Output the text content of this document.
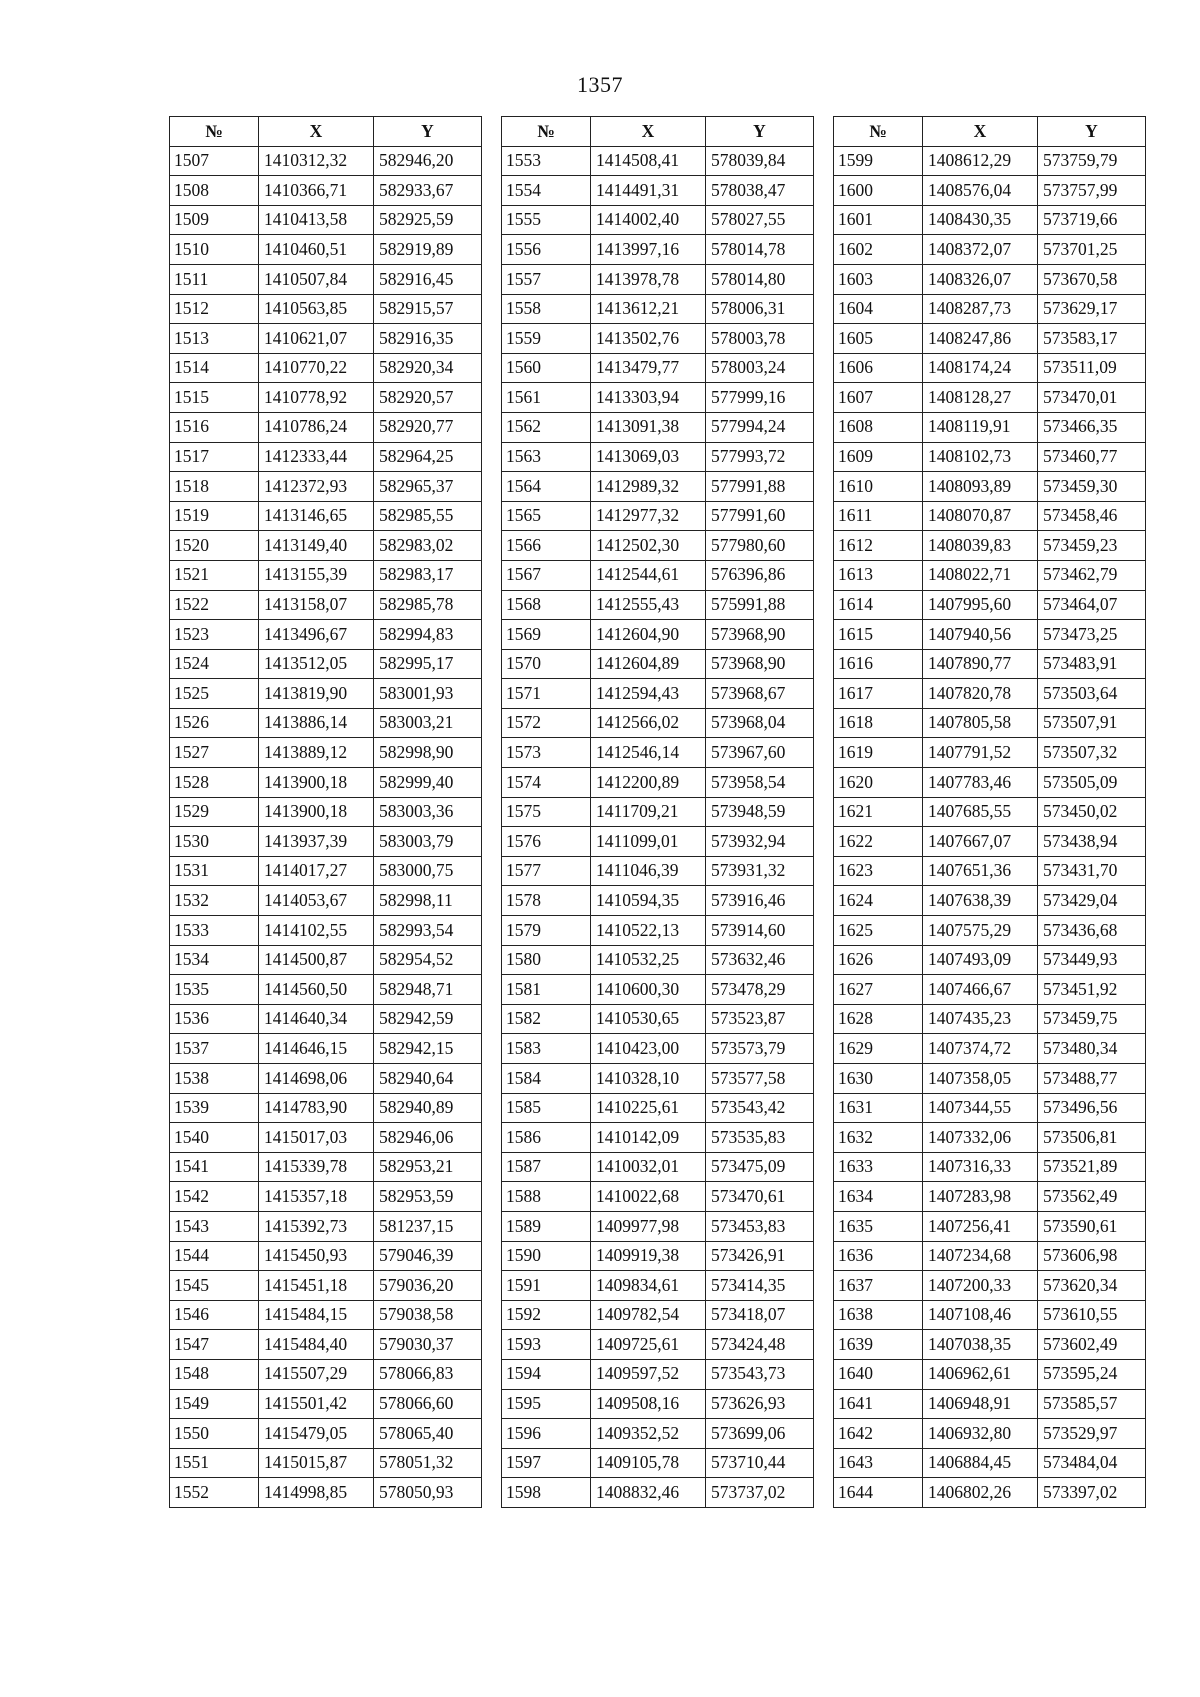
1357
№	X	Y
1507	1410312,32	582946,20
1508	1410366,71	582933,67
1509	1410413,58	582925,59
1510	1410460,51	582919,89
1511	1410507,84	582916,45
1512	1410563,85	582915,57
1513	1410621,07	582916,35
1514	1410770,22	582920,34
1515	1410778,92	582920,57
1516	1410786,24	582920,77
1517	1412333,44	582964,25
1518	1412372,93	582965,37
1519	1413146,65	582985,55
1520	1413149,40	582983,02
1521	1413155,39	582983,17
1522	1413158,07	582985,78
1523	1413496,67	582994,83
1524	1413512,05	582995,17
1525	1413819,90	583001,93
1526	1413886,14	583003,21
1527	1413889,12	582998,90
1528	1413900,18	582999,40
1529	1413900,18	583003,36
1530	1413937,39	583003,79
1531	1414017,27	583000,75
1532	1414053,67	582998,11
1533	1414102,55	582993,54
1534	1414500,87	582954,52
1535	1414560,50	582948,71
1536	1414640,34	582942,59
1537	1414646,15	582942,15
1538	1414698,06	582940,64
1539	1414783,90	582940,89
1540	1415017,03	582946,06
1541	1415339,78	582953,21
1542	1415357,18	582953,59
1543	1415392,73	581237,15
1544	1415450,93	579046,39
1545	1415451,18	579036,20
1546	1415484,15	579038,58
1547	1415484,40	579030,37
1548	1415507,29	578066,83
1549	1415501,42	578066,60
1550	1415479,05	578065,40
1551	1415015,87	578051,32
1552	1414998,85	578050,93
№	X	Y
1553	1414508,41	578039,84
1554	1414491,31	578038,47
1555	1414002,40	578027,55
1556	1413997,16	578014,78
1557	1413978,78	578014,80
1558	1413612,21	578006,31
1559	1413502,76	578003,78
1560	1413479,77	578003,24
1561	1413303,94	577999,16
1562	1413091,38	577994,24
1563	1413069,03	577993,72
1564	1412989,32	577991,88
1565	1412977,32	577991,60
1566	1412502,30	577980,60
1567	1412544,61	576396,86
1568	1412555,43	575991,88
1569	1412604,90	573968,90
1570	1412604,89	573968,90
1571	1412594,43	573968,67
1572	1412566,02	573968,04
1573	1412546,14	573967,60
1574	1412200,89	573958,54
1575	1411709,21	573948,59
1576	1411099,01	573932,94
1577	1411046,39	573931,32
1578	1410594,35	573916,46
1579	1410522,13	573914,60
1580	1410532,25	573632,46
1581	1410600,30	573478,29
1582	1410530,65	573523,87
1583	1410423,00	573573,79
1584	1410328,10	573577,58
1585	1410225,61	573543,42
1586	1410142,09	573535,83
1587	1410032,01	573475,09
1588	1410022,68	573470,61
1589	1409977,98	573453,83
1590	1409919,38	573426,91
1591	1409834,61	573414,35
1592	1409782,54	573418,07
1593	1409725,61	573424,48
1594	1409597,52	573543,73
1595	1409508,16	573626,93
1596	1409352,52	573699,06
1597	1409105,78	573710,44
1598	1408832,46	573737,02
№	X	Y
1599	1408612,29	573759,79
1600	1408576,04	573757,99
1601	1408430,35	573719,66
1602	1408372,07	573701,25
1603	1408326,07	573670,58
1604	1408287,73	573629,17
1605	1408247,86	573583,17
1606	1408174,24	573511,09
1607	1408128,27	573470,01
1608	1408119,91	573466,35
1609	1408102,73	573460,77
1610	1408093,89	573459,30
1611	1408070,87	573458,46
1612	1408039,83	573459,23
1613	1408022,71	573462,79
1614	1407995,60	573464,07
1615	1407940,56	573473,25
1616	1407890,77	573483,91
1617	1407820,78	573503,64
1618	1407805,58	573507,91
1619	1407791,52	573507,32
1620	1407783,46	573505,09
1621	1407685,55	573450,02
1622	1407667,07	573438,94
1623	1407651,36	573431,70
1624	1407638,39	573429,04
1625	1407575,29	573436,68
1626	1407493,09	573449,93
1627	1407466,67	573451,92
1628	1407435,23	573459,75
1629	1407374,72	573480,34
1630	1407358,05	573488,77
1631	1407344,55	573496,56
1632	1407332,06	573506,81
1633	1407316,33	573521,89
1634	1407283,98	573562,49
1635	1407256,41	573590,61
1636	1407234,68	573606,98
1637	1407200,33	573620,34
1638	1407108,46	573610,55
1639	1407038,35	573602,49
1640	1406962,61	573595,24
1641	1406948,91	573585,57
1642	1406932,80	573529,97
1643	1406884,45	573484,04
1644	1406802,26	573397,02
